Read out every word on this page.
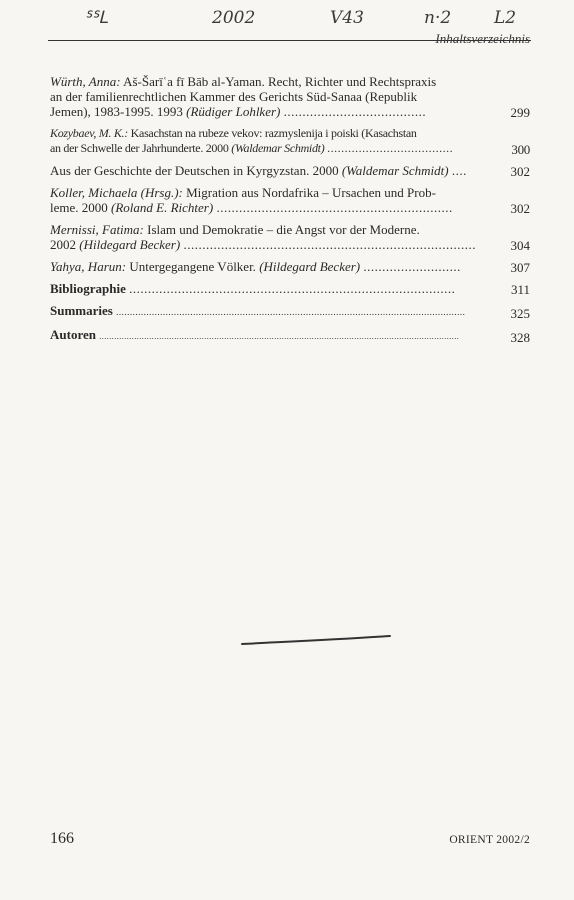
ᔆᔆᒪ	2002	V43	n·2	L2
Inhaltsverzeichnis
Würth, Anna: Aš-Šarīʿa fī Bāb al-Yaman. Recht, Richter und Rechtspraxis
an der familienrechtlichen Kammer des Gerichts Süd-Sanaa (Republik
Jemen), 1983-1995. 1993 (Rüdiger Lohlker) ......................................	299
Kozybaev, M. K.: Kasachstan na rubeze vekov: razmyslenija i poiski (Kasachstan
an der Schwelle der Jahrhunderte. 2000 (Waldemar Schmidt) ....................................	300
Aus der Geschichte der Deutschen in Kyrgyzstan. 2000 (Waldemar Schmidt) ....	302
Koller, Michaela (Hrsg.): Migration aus Nordafrika – Ursachen und Prob-
leme. 2000 (Roland E. Richter) ...............................................................	302
Mernissi, Fatima: Islam und Demokratie – die Angst vor der Moderne.
2002 (Hildegard Becker) ..............................................................................	304
Yahya, Harun: Untergegangene Völker. (Hildegard Becker) ..........................	307
Bibliographie .......................................................................................	311
Summaries ...............................................................................................................................	325
Autoren ................................................................................................................................................	328
166	ORIENT 2002/2
